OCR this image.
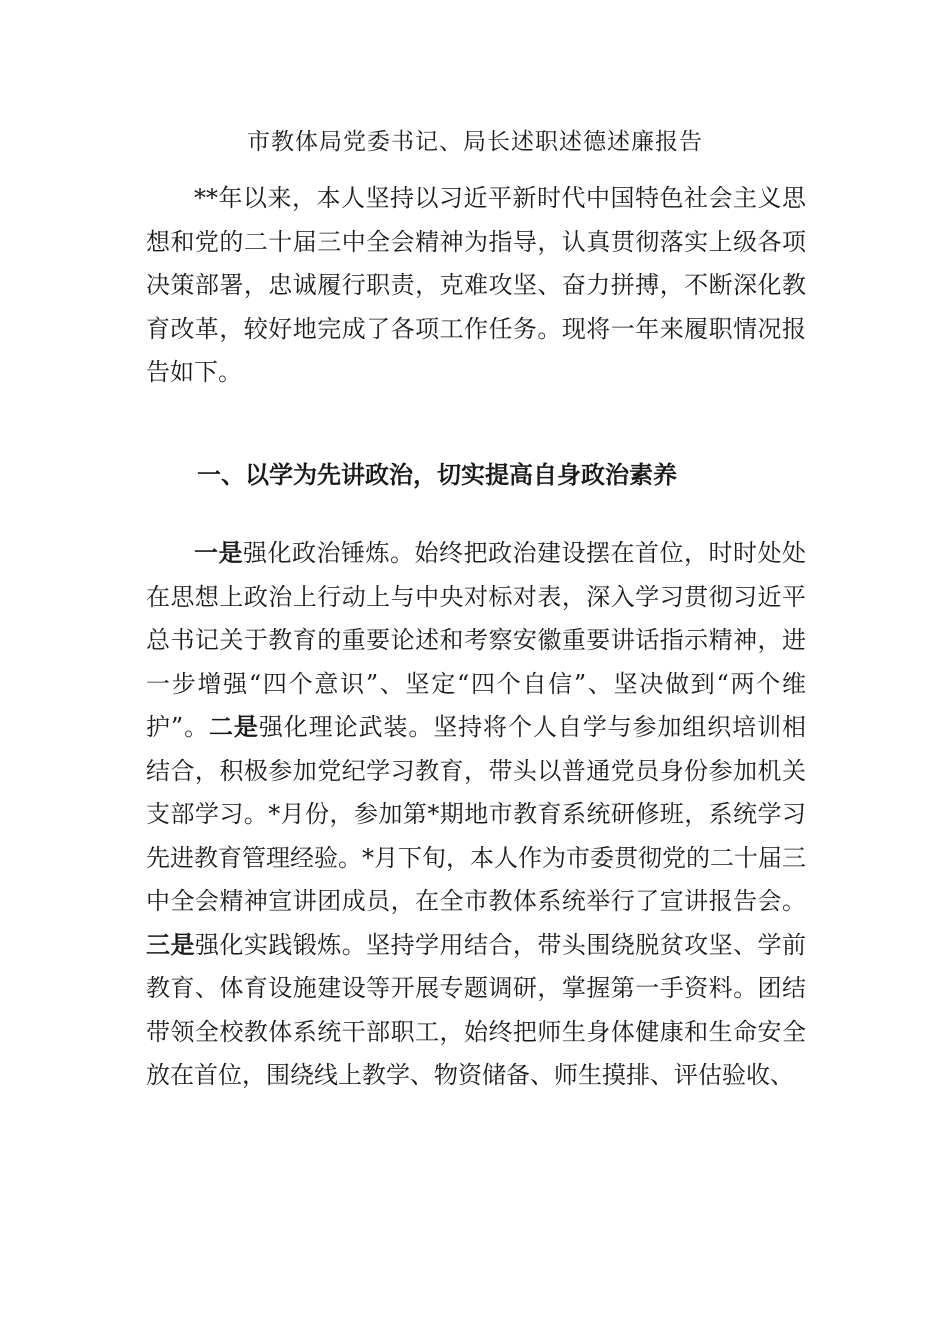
市教体局党委书记、局长述职述德述廉报告

**年以来，本人坚持以习近平新时代中国特色社会主义思想和党的二十届三中全会精神为指导，认真贯彻落实上级各项决策部署，忠诚履行职责，克难攻坚、奋力拼搏，不断深化教育改革，较好地完成了各项工作任务。现将一年来履职情况报告如下。

一、以学为先讲政治，切实提高自身政治素养

一是强化政治锤炼。始终把政治建设摆在首位，时时处处在思想上政治上行动上与中央对标对表，深入学习贯彻习近平总书记关于教育的重要论述和考察安徽重要讲话指示精神，进一步增强“四个意识”、坚定“四个自信”、坚决做到“两个维护”。二是强化理论武装。坚持将个人自学与参加组织培训相结合，积极参加党纪学习教育，带头以普通党员身份参加机关支部学习。*月份，参加第*期地市教育系统研修班，系统学习先进教育管理经验。*月下旬，本人作为市委贯彻党的二十届三中全会精神宣讲团成员，在全市教体系统举行了宣讲报告会。三是强化实践锻炼。坚持学用结合，带头围绕脱贫攻坚、学前教育、体育设施建设等开展专题调研，掌握第一手资料。团结带领全校教体系统干部职工，始终把师生身体健康和生命安全放在首位，围绕线上教学、物资储备、师生摸排、评估验收、
